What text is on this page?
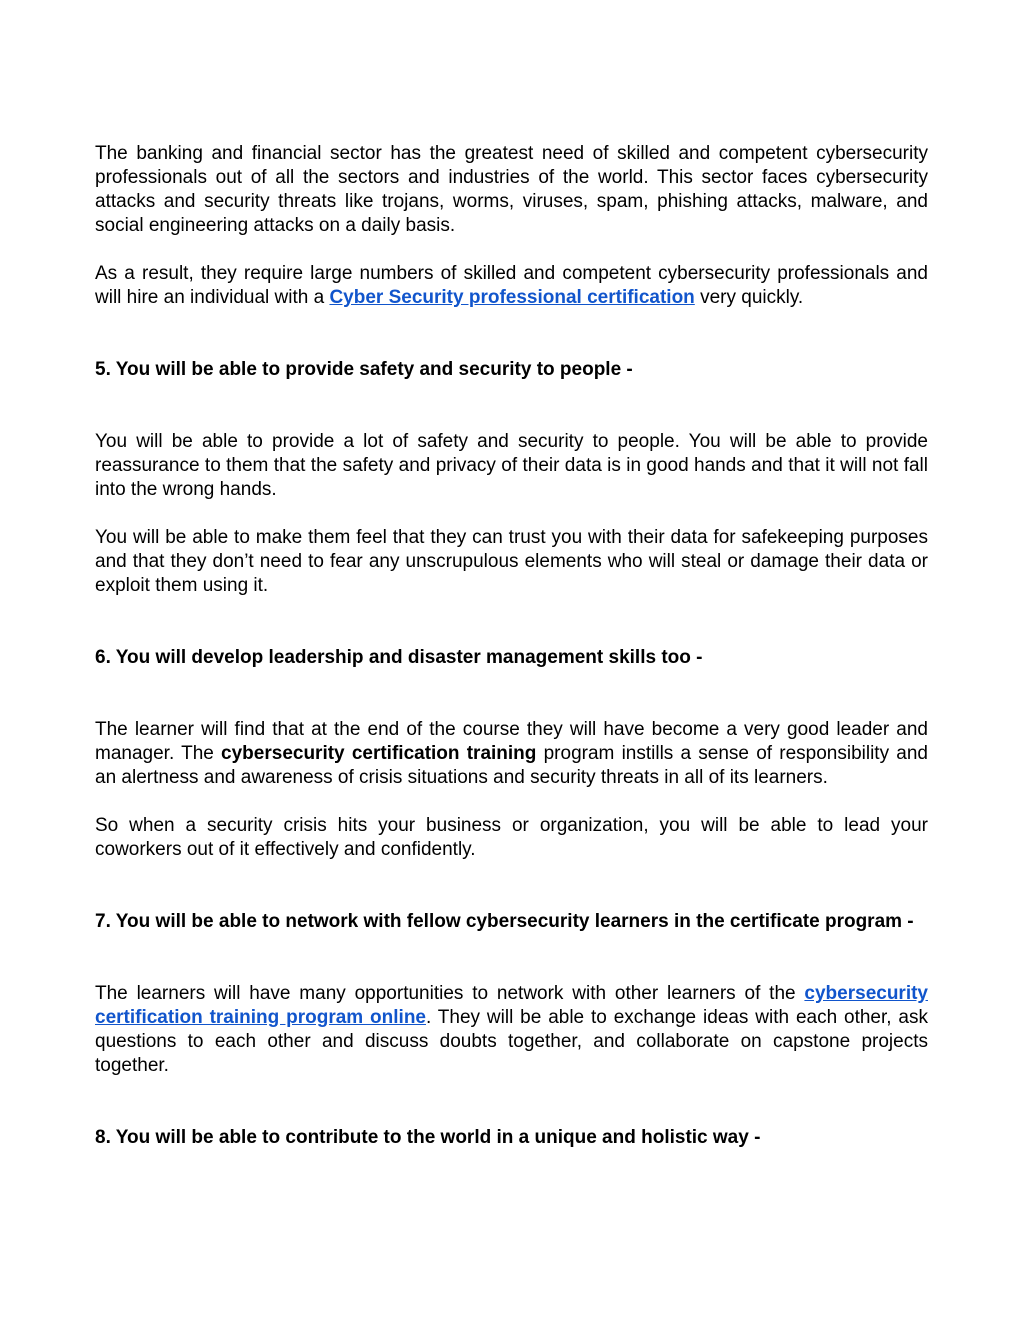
The banking and financial sector has the greatest need of skilled and competent cybersecurity professionals out of all the sectors and industries of the world. This sector faces cybersecurity attacks and security threats like trojans, worms, viruses, spam, phishing attacks, malware, and social engineering attacks on a daily basis.

As a result, they require large numbers of skilled and competent cybersecurity professionals and will hire an individual with a Cyber Security professional certification very quickly.

5. You will be able to provide safety and security to people -

You will be able to provide a lot of safety and security to people. You will be able to provide reassurance to them that the safety and privacy of their data is in good hands and that it will not fall into the wrong hands.

You will be able to make them feel that they can trust you with their data for safekeeping purposes and that they don’t need to fear any unscrupulous elements who will steal or damage their data or exploit them using it.

6. You will develop leadership and disaster management skills too -

The learner will find that at the end of the course they will have become a very good leader and manager. The cybersecurity certification training program instills a sense of responsibility and an alertness and awareness of crisis situations and security threats in all of its learners.

So when a security crisis hits your business or organization, you will be able to lead your coworkers out of it effectively and confidently.

7. You will be able to network with fellow cybersecurity learners in the certificate program -

The learners will have many opportunities to network with other learners of the cybersecurity certification training program online. They will be able to exchange ideas with each other, ask questions to each other and discuss doubts together, and collaborate on capstone projects together.

8. You will be able to contribute to the world in a unique and holistic way -
